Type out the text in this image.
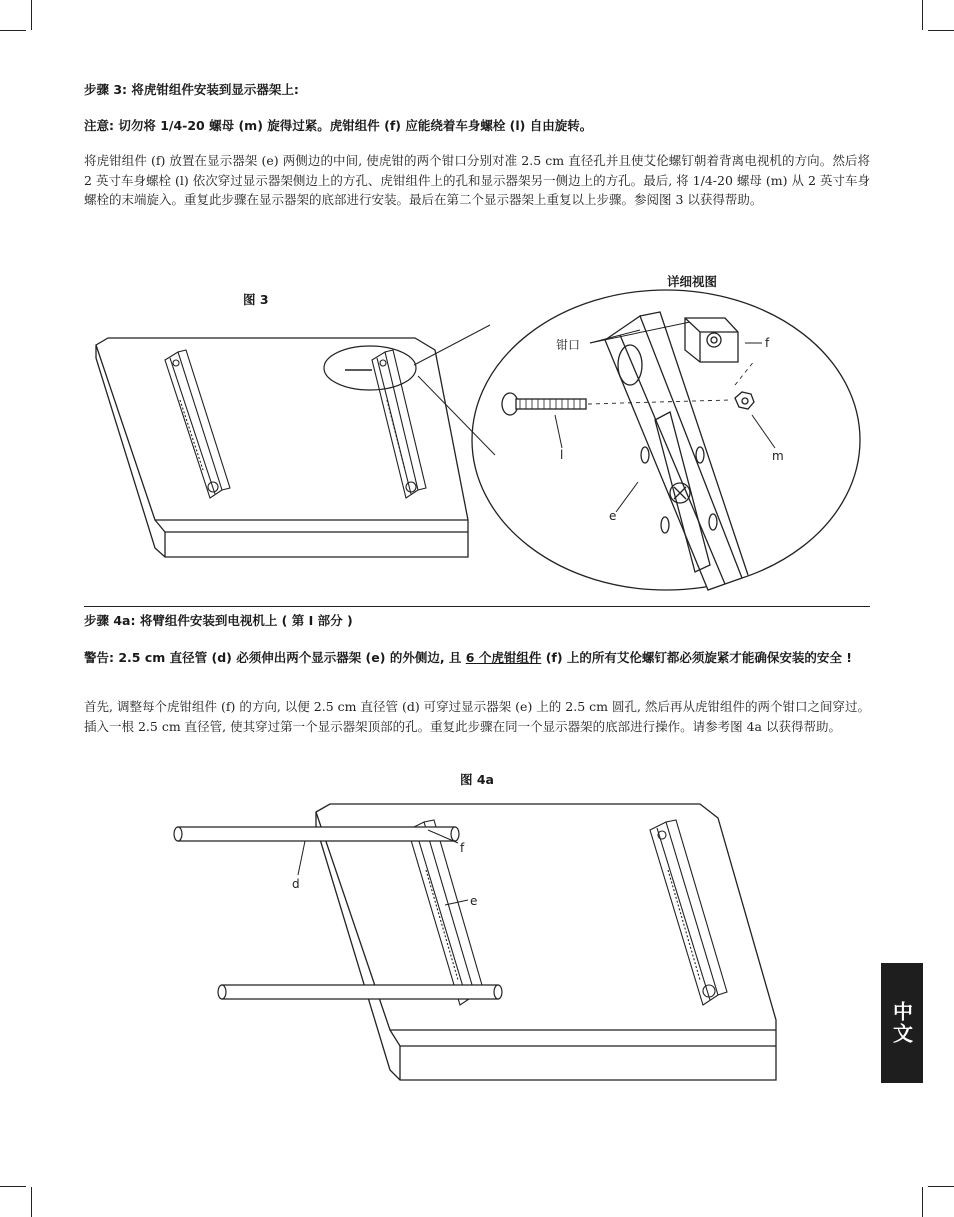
步骤 3: 将虎钳组件安装到显示器架上:
注意: 切勿将 1/4-20 螺母 (m) 旋得过紧。虎钳组件 (f) 应能绕着车身螺栓 (l) 自由旋转。
将虎钳组件 (f) 放置在显示器架 (e) 两侧边的中间, 使虎钳的两个钳口分别对准 2.5 cm 直径孔并且使艾伦螺钉朝着背离电视机的方向。然后将 2 英寸车身螺栓 (l) 依次穿过显示器架侧边上的方孔、虎钳组件上的孔和显示器架另一侧边上的方孔。最后, 将 1/4-20 螺母 (m) 从 2 英寸车身螺栓的末端旋入。重复此步骤在显示器架的底部进行安装。最后在第二个显示器架上重复以上步骤。参阅图 3 以获得帮助。
图 3
详细视图
钳口	f
l	m
e
步骤 4a: 将臂组件安装到电视机上 ( 第 I 部分 )
警告: 2.5 cm 直径管 (d) 必须伸出两个显示器架 (e) 的外侧边, 且 6 个虎钳组件 (f) 上的所有艾伦螺钉都必须旋紧才能确保安装的安全 !
首先, 调整每个虎钳组件 (f) 的方向, 以便 2.5 cm 直径管 (d) 可穿过显示器架 (e) 上的 2.5 cm 圆孔, 然后再从虎钳组件的两个钳口之间穿过。插入一根 2.5 cm 直径管, 使其穿过第一个显示器架顶部的孔。重复此步骤在同一个显示器架的底部进行操作。请参考图 4a 以获得帮助。
图 4a
f
d
e
中文
